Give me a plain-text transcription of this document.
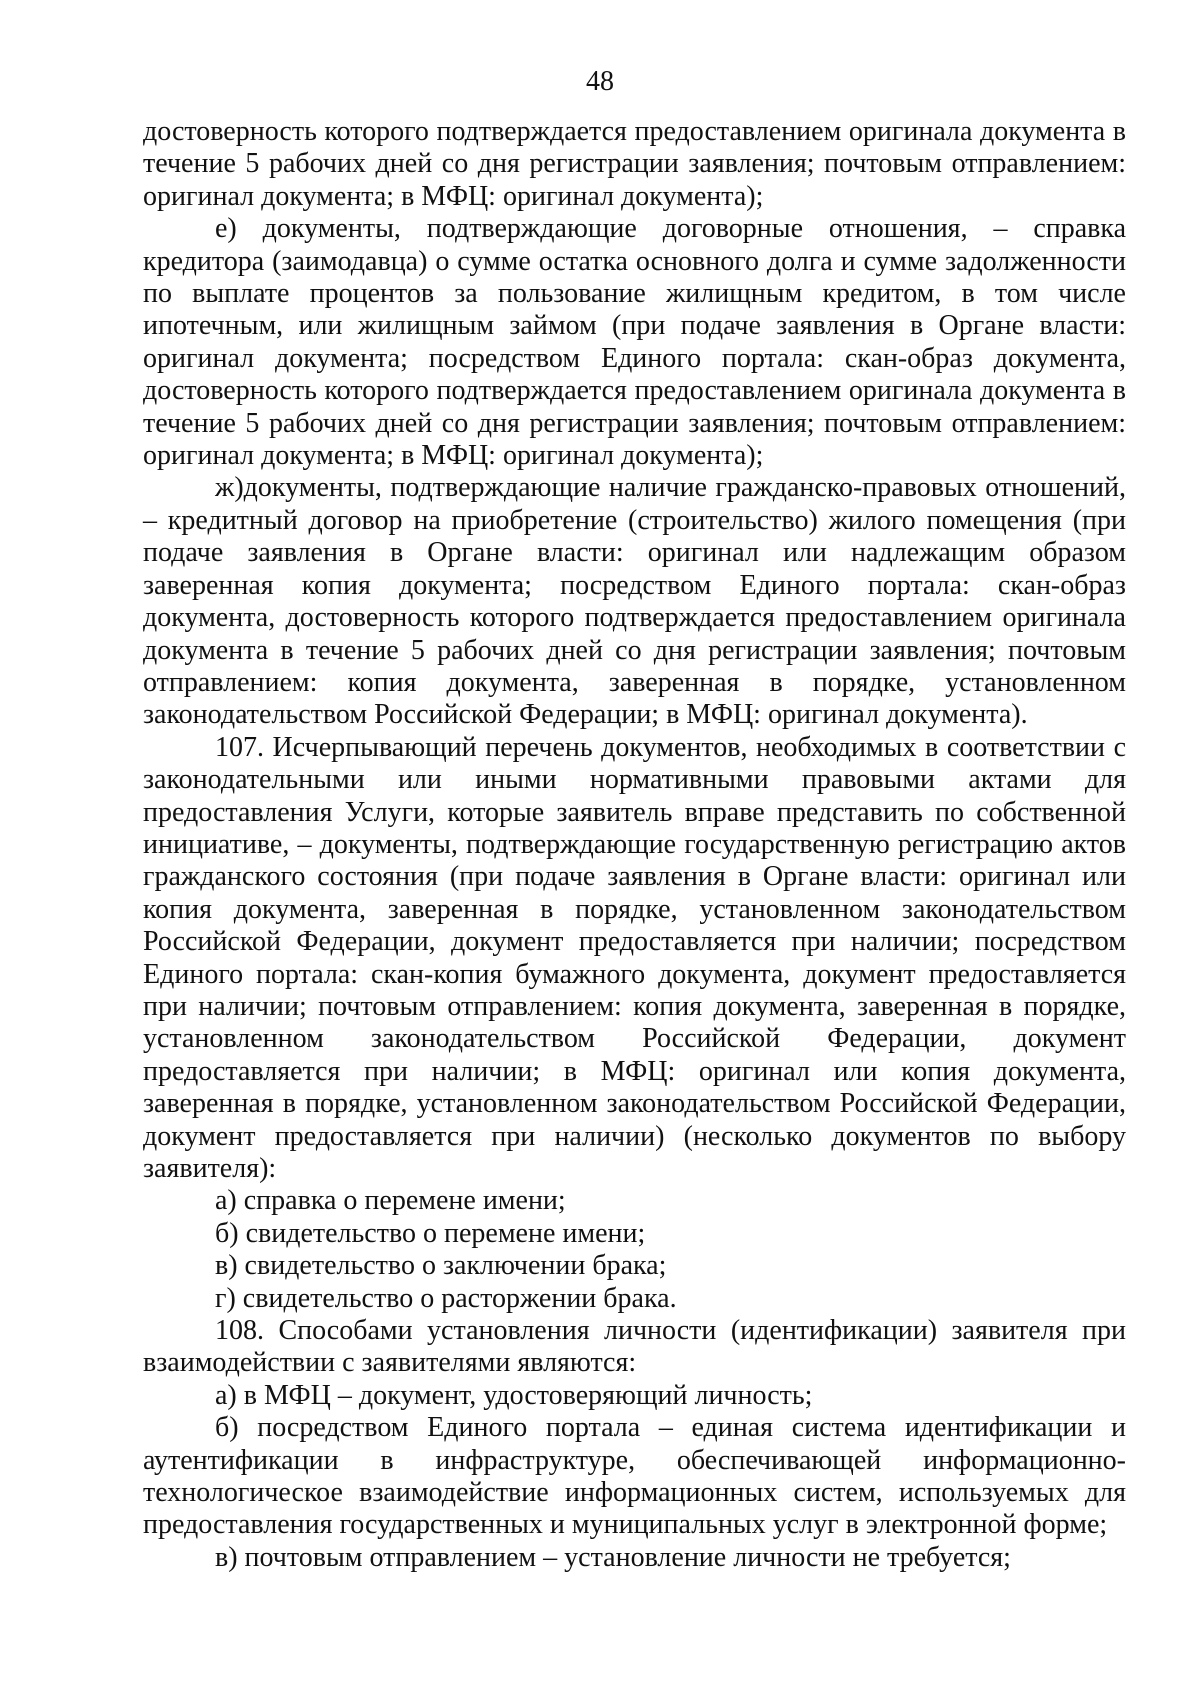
48

достоверность которого подтверждается предоставлением оригинала документа в течение 5 рабочих дней со дня регистрации заявления; почтовым отправлением: оригинал документа; в МФЦ: оригинал документа);

е) документы, подтверждающие договорные отношения, – справка кредитора (заимодавца) о сумме остатка основного долга и сумме задолженности по выплате процентов за пользование жилищным кредитом, в том числе ипотечным, или жилищным займом (при подаче заявления в Органе власти: оригинал документа; посредством Единого портала: скан-образ документа, достоверность которого подтверждается предоставлением оригинала документа в течение 5 рабочих дней со дня регистрации заявления; почтовым отправлением: оригинал документа; в МФЦ: оригинал документа);

ж)документы, подтверждающие наличие гражданско-правовых отношений, – кредитный договор на приобретение (строительство) жилого помещения (при подаче заявления в Органе власти: оригинал или надлежащим образом заверенная копия документа; посредством Единого портала: скан-образ документа, достоверность которого подтверждается предоставлением оригинала документа в течение 5 рабочих дней со дня регистрации заявления; почтовым отправлением: копия документа, заверенная в порядке, установленном законодательством Российской Федерации; в МФЦ: оригинал документа).

107. Исчерпывающий перечень документов, необходимых в соответствии с законодательными или иными нормативными правовыми актами для предоставления Услуги, которые заявитель вправе представить по собственной инициативе, – документы, подтверждающие государственную регистрацию актов гражданского состояния (при подаче заявления в Органе власти: оригинал или копия документа, заверенная в порядке, установленном законодательством Российской Федерации, документ предоставляется при наличии; посредством Единого портала: скан-копия бумажного документа, документ предоставляется при наличии; почтовым отправлением: копия документа, заверенная в порядке, установленном законодательством Российской Федерации, документ предоставляется при наличии; в МФЦ: оригинал или копия документа, заверенная в порядке, установленном законодательством Российской Федерации, документ предоставляется при наличии) (несколько документов по выбору заявителя):

а) справка о перемене имени;

б) свидетельство о перемене имени;

в) свидетельство о заключении брака;

г) свидетельство о расторжении брака.

108. Способами установления личности (идентификации) заявителя при взаимодействии с заявителями являются:

а) в МФЦ – документ, удостоверяющий личность;

б) посредством Единого портала – единая система идентификации и аутентификации в инфраструктуре, обеспечивающей информационно-технологическое взаимодействие информационных систем, используемых для предоставления государственных и муниципальных услуг в электронной форме;

в) почтовым отправлением – установление личности не требуется;
